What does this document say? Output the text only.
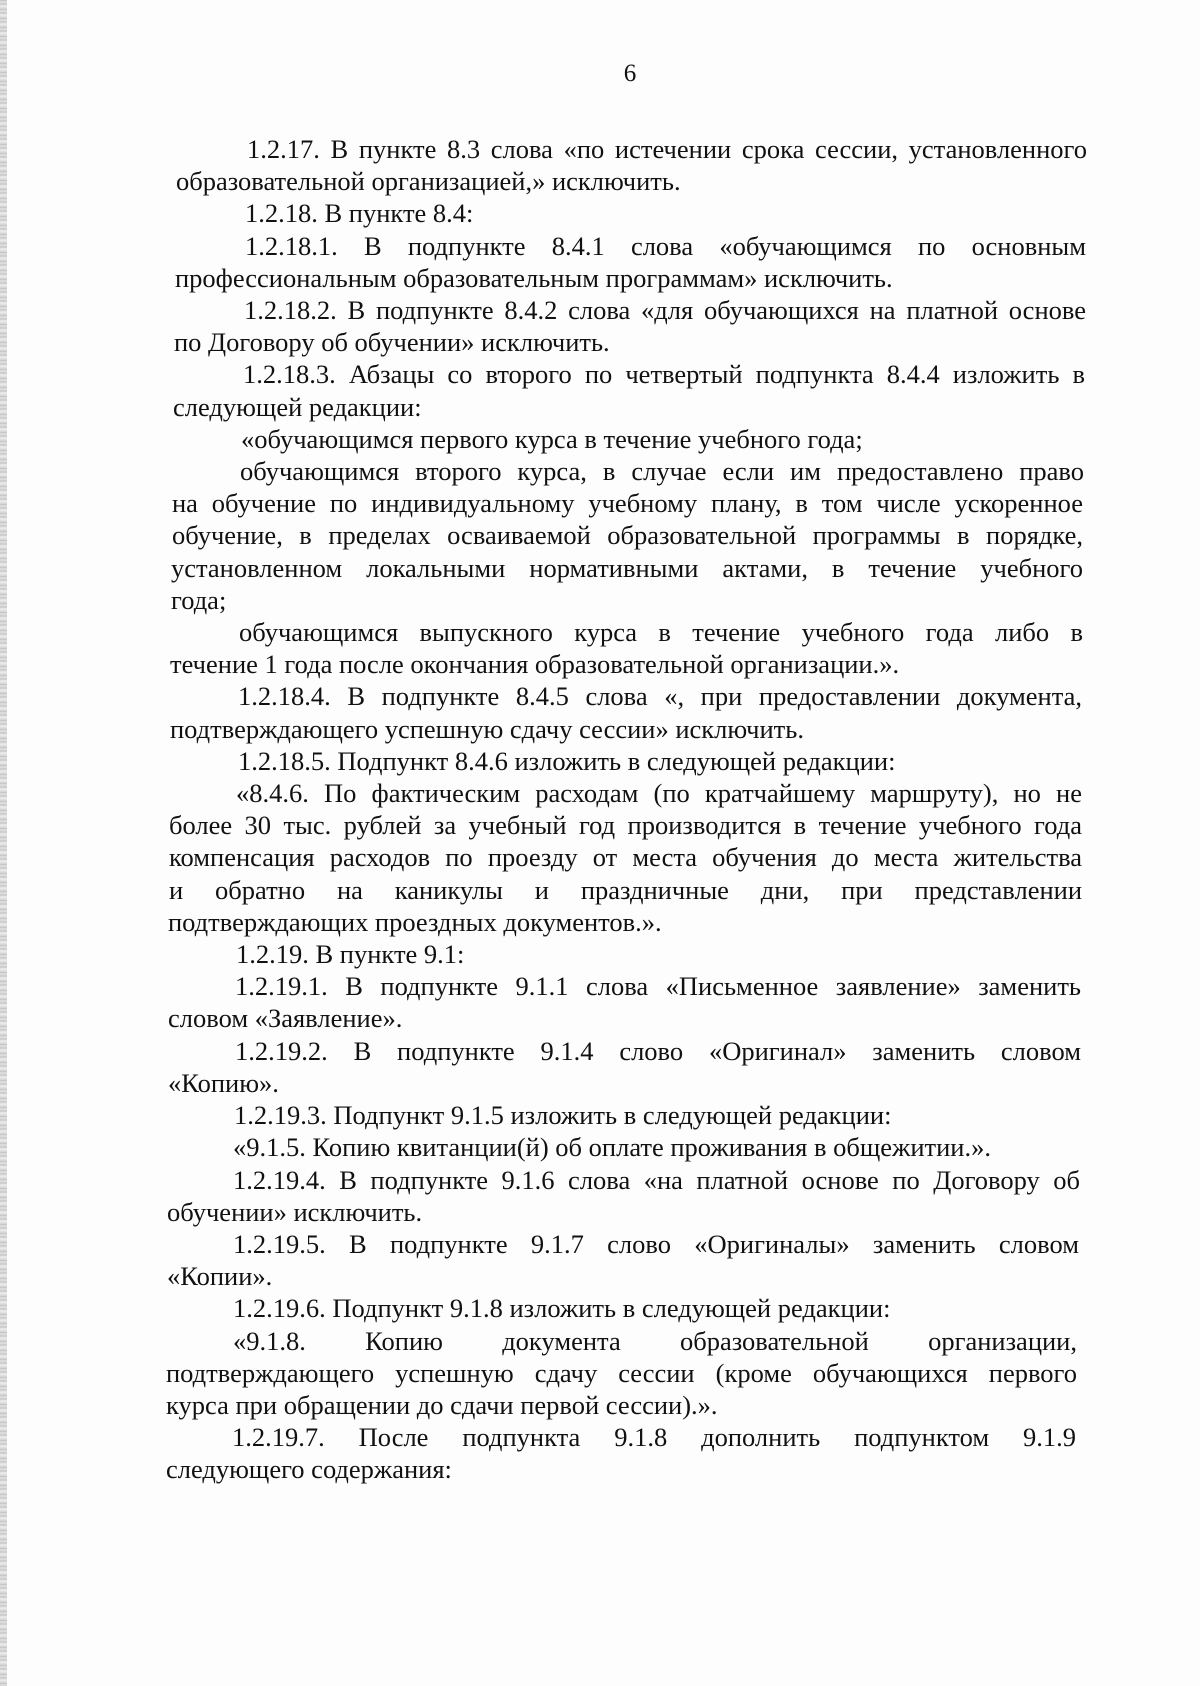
6
1.2.17. В пункте 8.3 слова «по истечении срока сессии, установленного
образовательной организацией,» исключить.
1.2.18. В пункте 8.4:
1.2.18.1. В подпункте 8.4.1 слова «обучающимся по основным
профессиональным образовательным программам» исключить.
1.2.18.2. В подпункте 8.4.2 слова «для обучающихся на платной основе
по Договору об обучении» исключить.
1.2.18.3. Абзацы со второго по четвертый подпункта 8.4.4 изложить в
следующей редакции:
«обучающимся первого курса в течение учебного года;
обучающимся второго курса, в случае если им предоставлено право
на обучение по индивидуальному учебному плану, в том числе ускоренное
обучение, в пределах осваиваемой образовательной программы в порядке,
установленном локальными нормативными актами, в течение учебного
года;
обучающимся выпускного курса в течение учебного года либо в
течение 1 года после окончания образовательной организации.».
1.2.18.4. В подпункте 8.4.5 слова «, при предоставлении документа,
подтверждающего успешную сдачу сессии» исключить.
1.2.18.5. Подпункт 8.4.6 изложить в следующей редакции:
«8.4.6. По фактическим расходам (по кратчайшему маршруту), но не
более 30 тыс. рублей за учебный год производится в течение учебного года
компенсация расходов по проезду от места обучения до места жительства
и обратно на каникулы и праздничные дни, при представлении
подтверждающих проездных документов.».
1.2.19. В пункте 9.1:
1.2.19.1. В подпункте 9.1.1 слова «Письменное заявление» заменить
словом «Заявление».
1.2.19.2. В подпункте 9.1.4 слово «Оригинал» заменить словом
«Копию».
1.2.19.3. Подпункт 9.1.5 изложить в следующей редакции:
«9.1.5. Копию квитанции(й) об оплате проживания в общежитии.».
1.2.19.4. В подпункте 9.1.6 слова «на платной основе по Договору об
обучении» исключить.
1.2.19.5. В подпункте 9.1.7 слово «Оригиналы» заменить словом
«Копии».
1.2.19.6. Подпункт 9.1.8 изложить в следующей редакции:
«9.1.8. Копию документа образовательной организации,
подтверждающего успешную сдачу сессии (кроме обучающихся первого
курса при обращении до сдачи первой сессии).».
1.2.19.7. После подпункта 9.1.8 дополнить подпунктом 9.1.9
следующего содержания:
